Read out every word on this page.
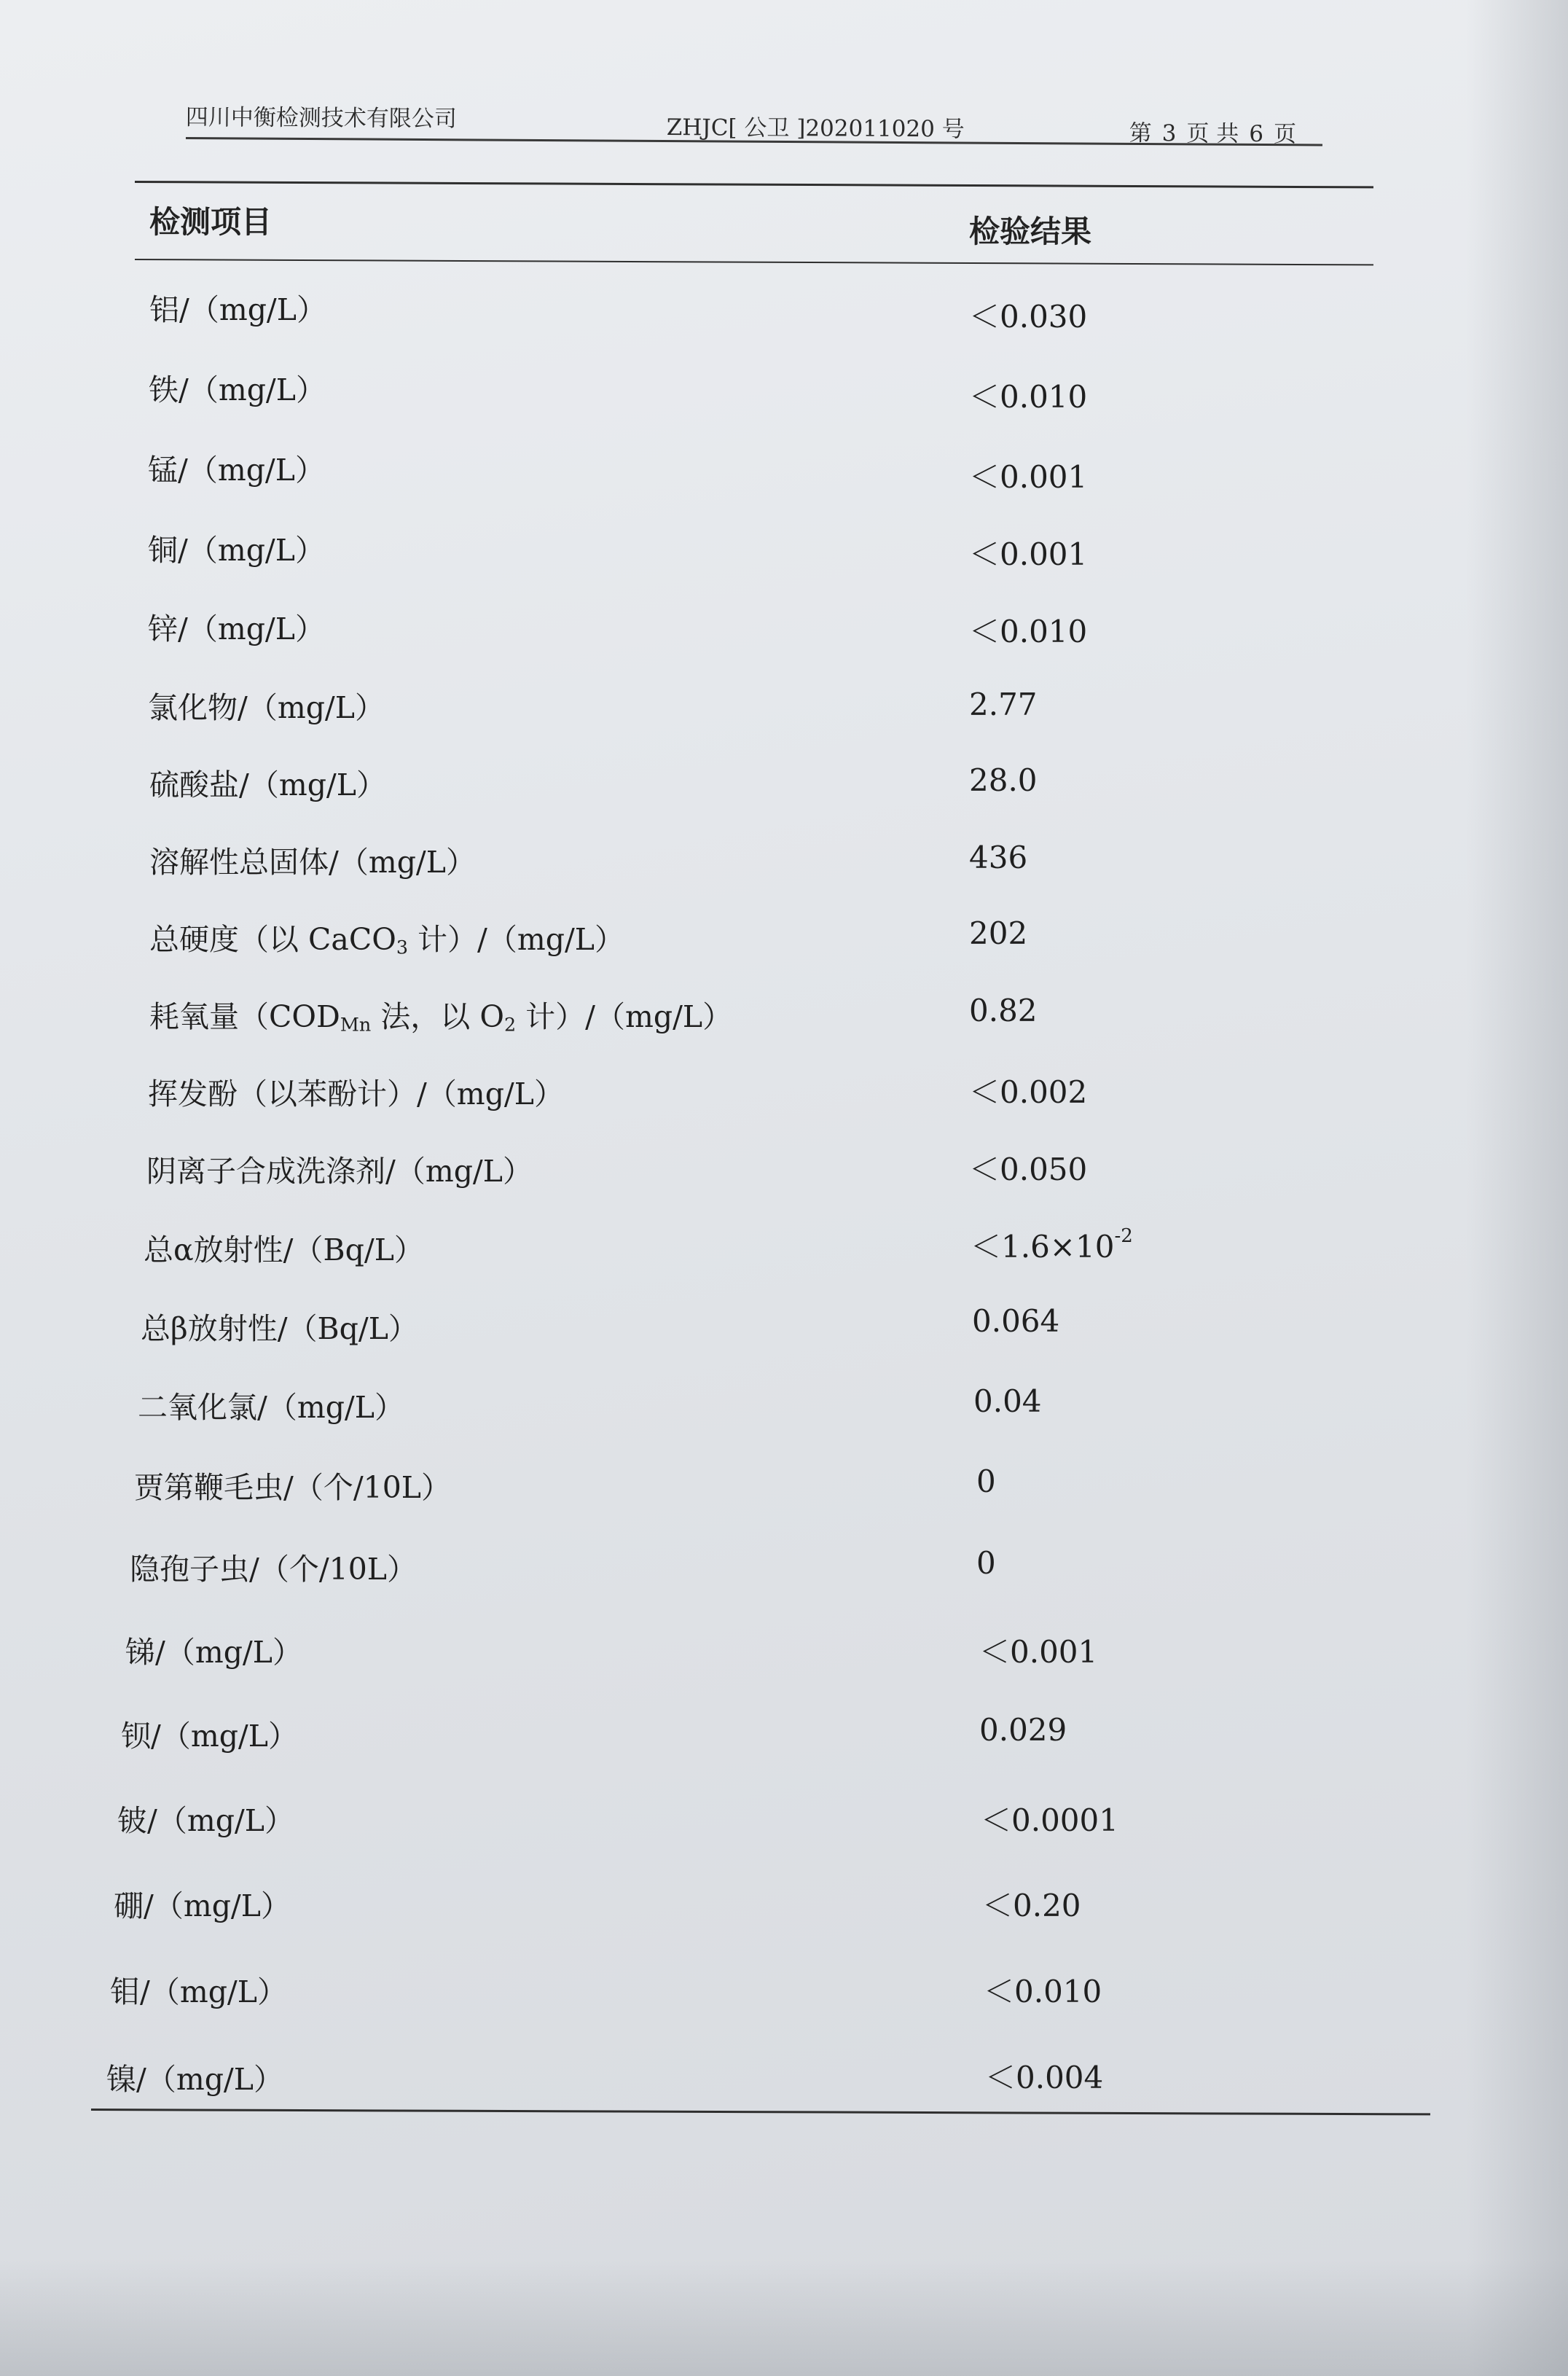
四川中衡检测技术有限公司	ZHJC[ 公卫 ]202011020 号	第 3 页 共 6 页
检测项目	检验结果
铝/（mg/L）	＜0.030
铁/（mg/L）	＜0.010
锰/（mg/L）	＜0.001
铜/（mg/L）	＜0.001
锌/（mg/L）	＜0.010
氯化物/（mg/L）	2.77
硫酸盐/（mg/L）	28.0
溶解性总固体/（mg/L）	436
总硬度（以 CaCO$_3$ 计）/（mg/L）	202
耗氧量（$COD_{Mn}$ 法，以 $O_2$ 计）/（mg/L）	0.82
挥发酚（以苯酚计）/（mg/L）	＜0.002
阴离子合成洗涤剂/（mg/L）	＜0.050
总α放射性/（Bq/L）	$<1.6\times 10^{-2}$
总β放射性/（Bq/L）	0.064
二氧化氯/（mg/L）	0.04
贾第鞭毛虫/（个/10L）	0
隐孢子虫/（个/10L）	0
锑/（mg/L）	＜0.001
钡/（mg/L）	0.029
铍/（mg/L）	＜0.0001
硼/（mg/L）	＜0.20
钼/（mg/L）	＜0.010
镍/（mg/L）	＜0.004
